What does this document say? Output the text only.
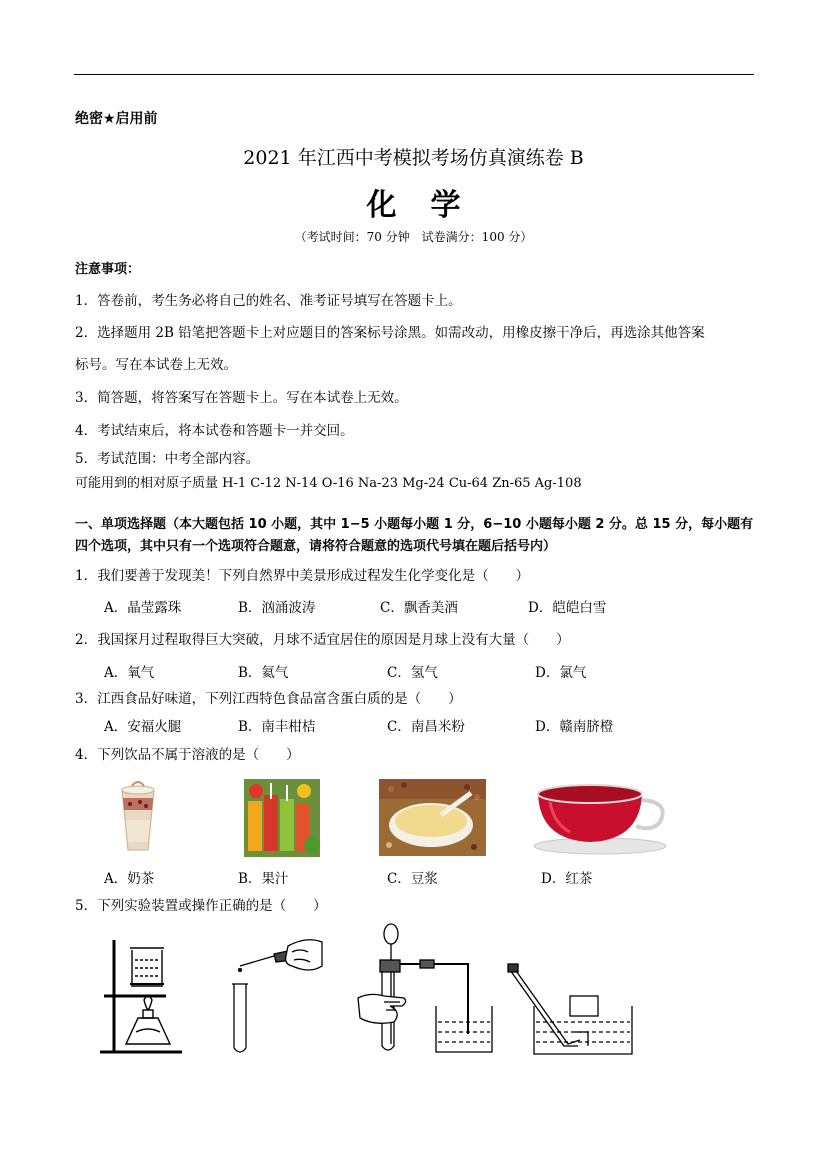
绝密★启用前
2021 年江西中考模拟考场仿真演练卷 B
化学
（考试时间：70 分钟　试卷满分：100 分）
注意事项：
1．答卷前，考生务必将自己的姓名、准考证号填写在答题卡上。
2．选择题用 2B 铅笔把答题卡上对应题目的答案标号涂黑。如需改动，用橡皮擦干净后，再选涂其他答案
标号。写在本试卷上无效。
3．简答题，将答案写在答题卡上。写在本试卷上无效。
4．考试结束后，将本试卷和答题卡一并交回。
5．考试范围：中考全部内容。
可能用到的相对原子质量 H-1 C-12 N-14 O-16 Na-23 Mg-24 Cu-64 Zn-65 Ag-108
一、单项选择题（本大题包括 10 小题，其中 1−5 小题每小题 1 分，6−10 小题每小题 2 分。总 15 分，每小题有四个选项，其中只有一个选项符合题意，请将符合题意的选项代号填在题后括号内）
1．我们要善于发现美！下列自然界中美景形成过程发生化学变化是（　　）
A．晶莹露珠	B．汹涌波涛	C．飘香美酒	D．皑皑白雪
2．我国探月过程取得巨大突破，月球不适宜居住的原因是月球上没有大量（　　）
A．氧气	B．氦气	C．氢气	D．氯气
3．江西食品好味道，下列江西特色食品富含蛋白质的是（　　）
A．安福火腿	B．南丰柑桔	C．南昌米粉	D．赣南脐橙
4．下列饮品不属于溶液的是（　　）
A．奶茶	B．果汁	C．豆浆	D．红茶
5．下列实验装置或操作正确的是（　　）
